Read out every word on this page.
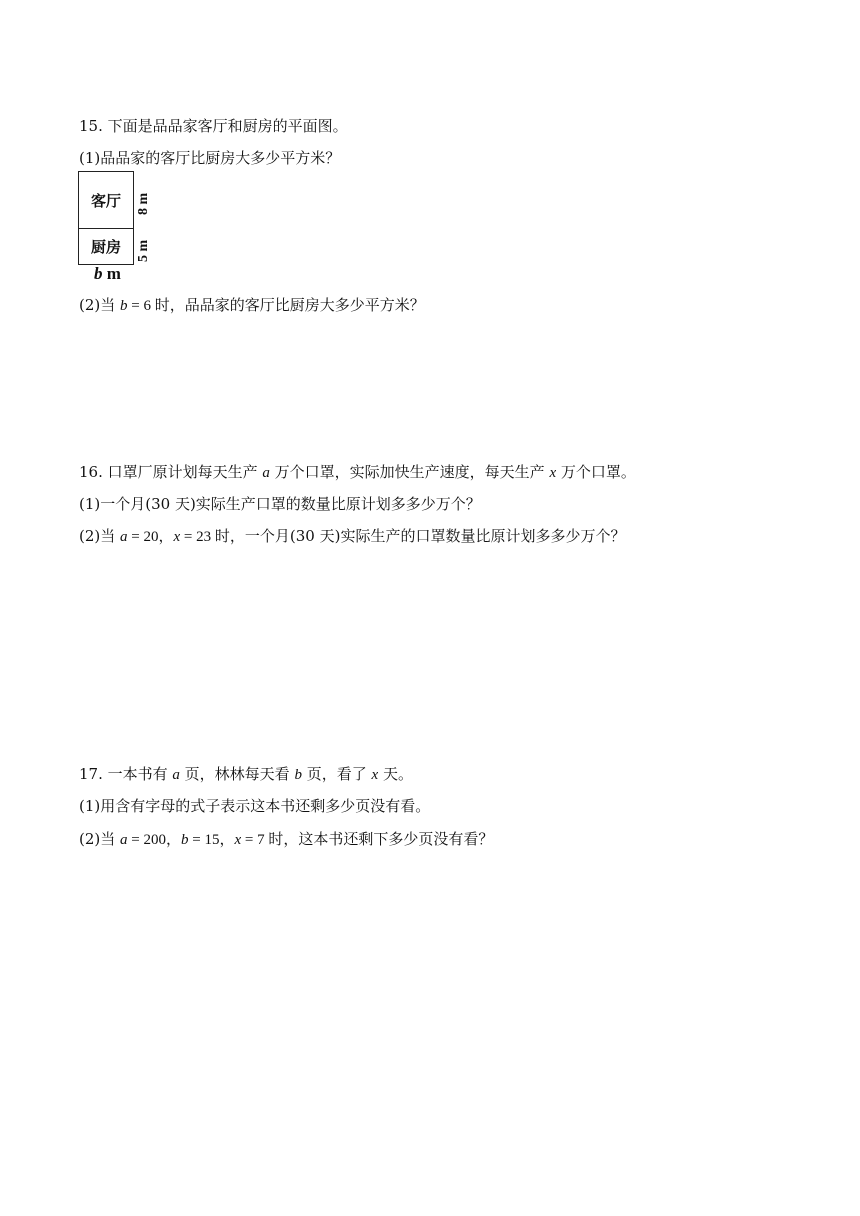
15. 下面是品品家客厅和厨房的平面图。
(1)品品家的客厅比厨房大多少平方米？
客厅
厨房
8 m
5 m
b m
(2)当 b = 6 时，品品家的客厅比厨房大多少平方米？
16. 口罩厂原计划每天生产 a 万个口罩，实际加快生产速度，每天生产 x 万个口罩。
(1)一个月(30 天)实际生产口罩的数量比原计划多多少万个？
(2)当 a = 20，x = 23 时，一个月(30 天)实际生产的口罩数量比原计划多多少万个？
17. 一本书有 a 页，林林每天看 b 页，看了 x 天。
(1)用含有字母的式子表示这本书还剩多少页没有看。
(2)当 a = 200，b = 15，x = 7 时，这本书还剩下多少页没有看？
